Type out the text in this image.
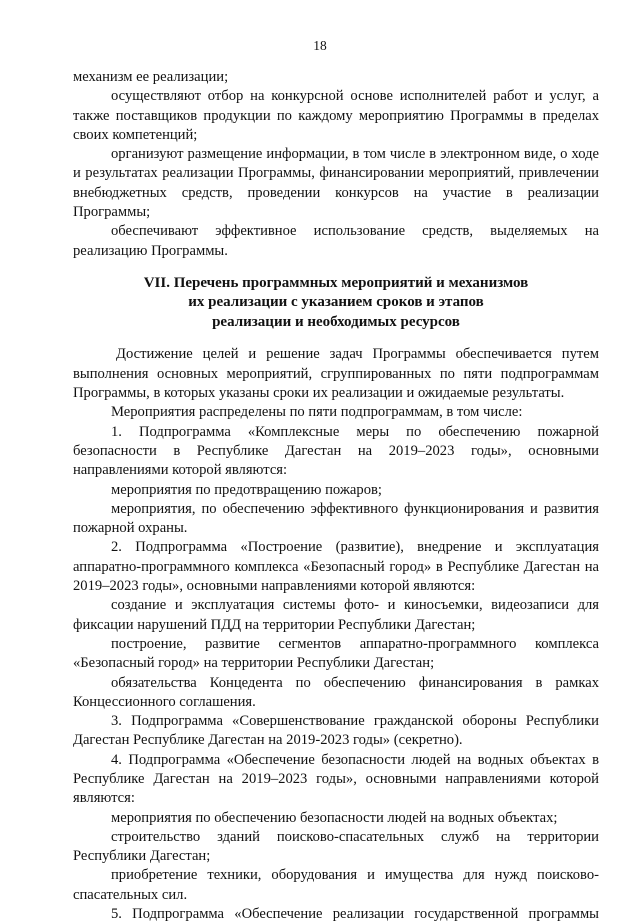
18

механизм ее реализации;

осуществляют отбор на конкурсной основе исполнителей работ и услуг, а также поставщиков продукции по каждому мероприятию Программы в пределах своих компетенций;

организуют размещение информации, в том числе в электронном виде, о ходе и результатах реализации Программы, финансировании мероприятий, привлечении внебюджетных средств, проведении конкурсов на участие в реализации Программы;

обеспечивают эффективное использование средств, выделяемых на реализацию Программы.

VII. Перечень программных мероприятий и механизмов
их реализации с указанием сроков и этапов
реализации и необходимых ресурсов

Достижение целей и решение задач Программы обеспечивается путем выполнения основных мероприятий, сгруппированных по пяти подпрограммам Программы, в которых указаны сроки их реализации и ожидаемые результаты.

Мероприятия распределены по пяти подпрограммам, в том числе:

1. Подпрограмма «Комплексные меры по обеспечению пожарной безопасности в Республике Дагестан на 2019–2023 годы», основными направлениями которой являются:

мероприятия по предотвращению пожаров;

мероприятия, по обеспечению эффективного функционирования и развития пожарной охраны.

2. Подпрограмма «Построение (развитие), внедрение и эксплуатация аппаратно-программного комплекса «Безопасный город» в Республике Дагестан на 2019–2023 годы», основными направлениями которой являются:

создание и эксплуатация системы фото- и киносъемки, видеозаписи для фиксации нарушений ПДД на территории Республики Дагестан;

построение, развитие сегментов аппаратно-программного комплекса «Безопасный город» на территории Республики Дагестан;

обязательства Концедента по обеспечению финансирования в рамках Концессионного соглашения.

3. Подпрограмма «Совершенствование гражданской обороны Республики Дагестан Республике Дагестан на 2019-2023 годы» (секретно).

4. Подпрограмма «Обеспечение безопасности людей на водных объектах в Республике Дагестан на 2019–2023 годы», основными направлениями которой являются:

мероприятия по обеспечению безопасности людей на водных объектах;

строительство зданий поисково-спасательных служб на территории Республики Дагестан;

приобретение техники, оборудования и имущества для нужд поисково-спасательных сил.

5. Подпрограмма «Обеспечение реализации государственной программы
